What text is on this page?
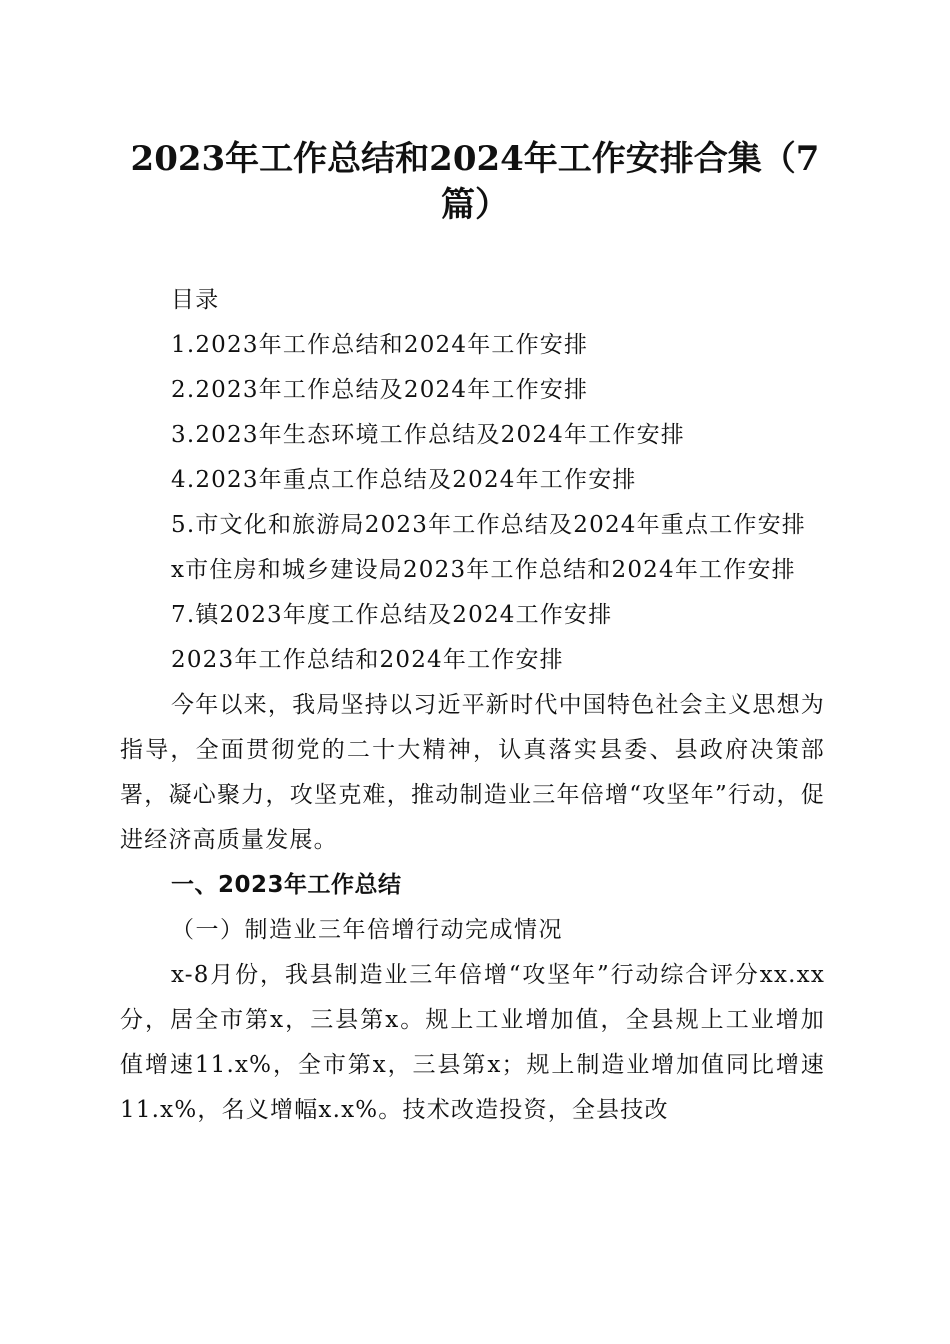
2023年工作总结和2024年工作安排合集（7篇）

目录

1.2023年工作总结和2024年工作安排

2.2023年工作总结及2024年工作安排

3.2023年生态环境工作总结及2024年工作安排

4.2023年重点工作总结及2024年工作安排

5.市文化和旅游局2023年工作总结及2024年重点工作安排

x市住房和城乡建设局2023年工作总结和2024年工作安排

7.镇2023年度工作总结及2024工作安排

2023年工作总结和2024年工作安排

今年以来，我局坚持以习近平新时代中国特色社会主义思想为指导，全面贯彻党的二十大精神，认真落实县委、县政府决策部署，凝心聚力，攻坚克难，推动制造业三年倍增“攻坚年”行动，促进经济高质量发展。

一、2023年工作总结

（一）制造业三年倍增行动完成情况

x-8月份，我县制造业三年倍增“攻坚年”行动综合评分xx.xx分，居全市第x，三县第x。规上工业增加值，全县规上工业增加值增速11.x%，全市第x，三县第x；规上制造业增加值同比增速11.x%，名义增幅x.x%。技术改造投资，全县技改
